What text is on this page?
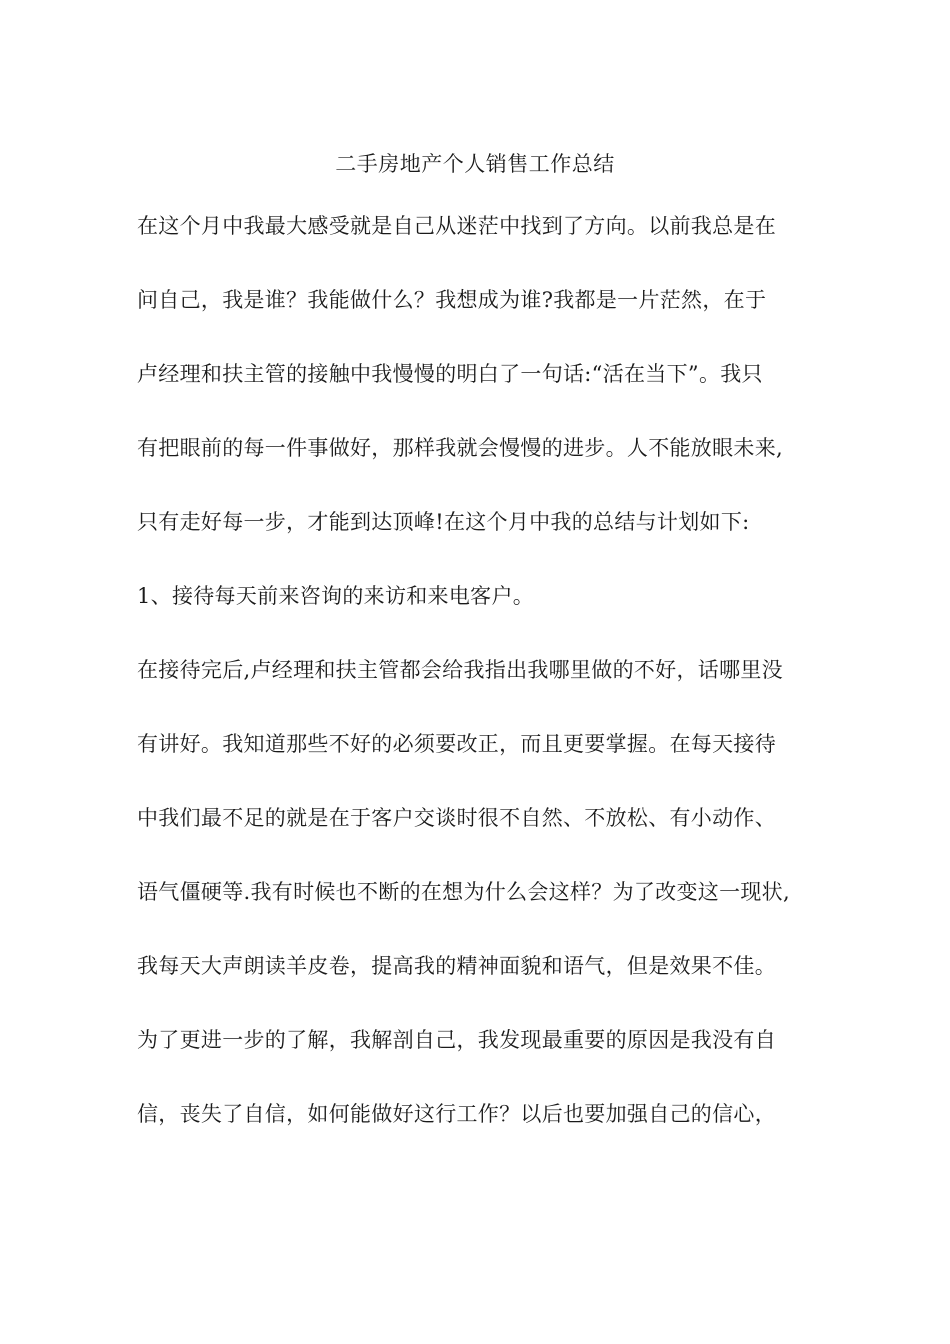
二手房地产个人销售工作总结
在这个月中我最大感受就是自己从迷茫中找到了方向。以前我总是在
问自己，我是谁？我能做什么？我想成为谁?我都是一片茫然，在于
卢经理和扶主管的接触中我慢慢的明白了一句话:“活在当下”。我只
有把眼前的每一件事做好，那样我就会慢慢的进步。人不能放眼未来,
只有走好每一步，才能到达顶峰!在这个月中我的总结与计划如下:
1、接待每天前来咨询的来访和来电客户。
在接待完后,卢经理和扶主管都会给我指出我哪里做的不好，话哪里没
有讲好。我知道那些不好的必须要改正，而且更要掌握。在每天接待
中我们最不足的就是在于客户交谈时很不自然、不放松、有小动作、
语气僵硬等.我有时候也不断的在想为什么会这样？为了改变这一现状,
我每天大声朗读羊皮卷，提高我的精神面貌和语气，但是效果不佳。
为了更进一步的了解，我解剖自己，我发现最重要的原因是我没有自
信，丧失了自信，如何能做好这行工作？以后也要加强自己的信心，
